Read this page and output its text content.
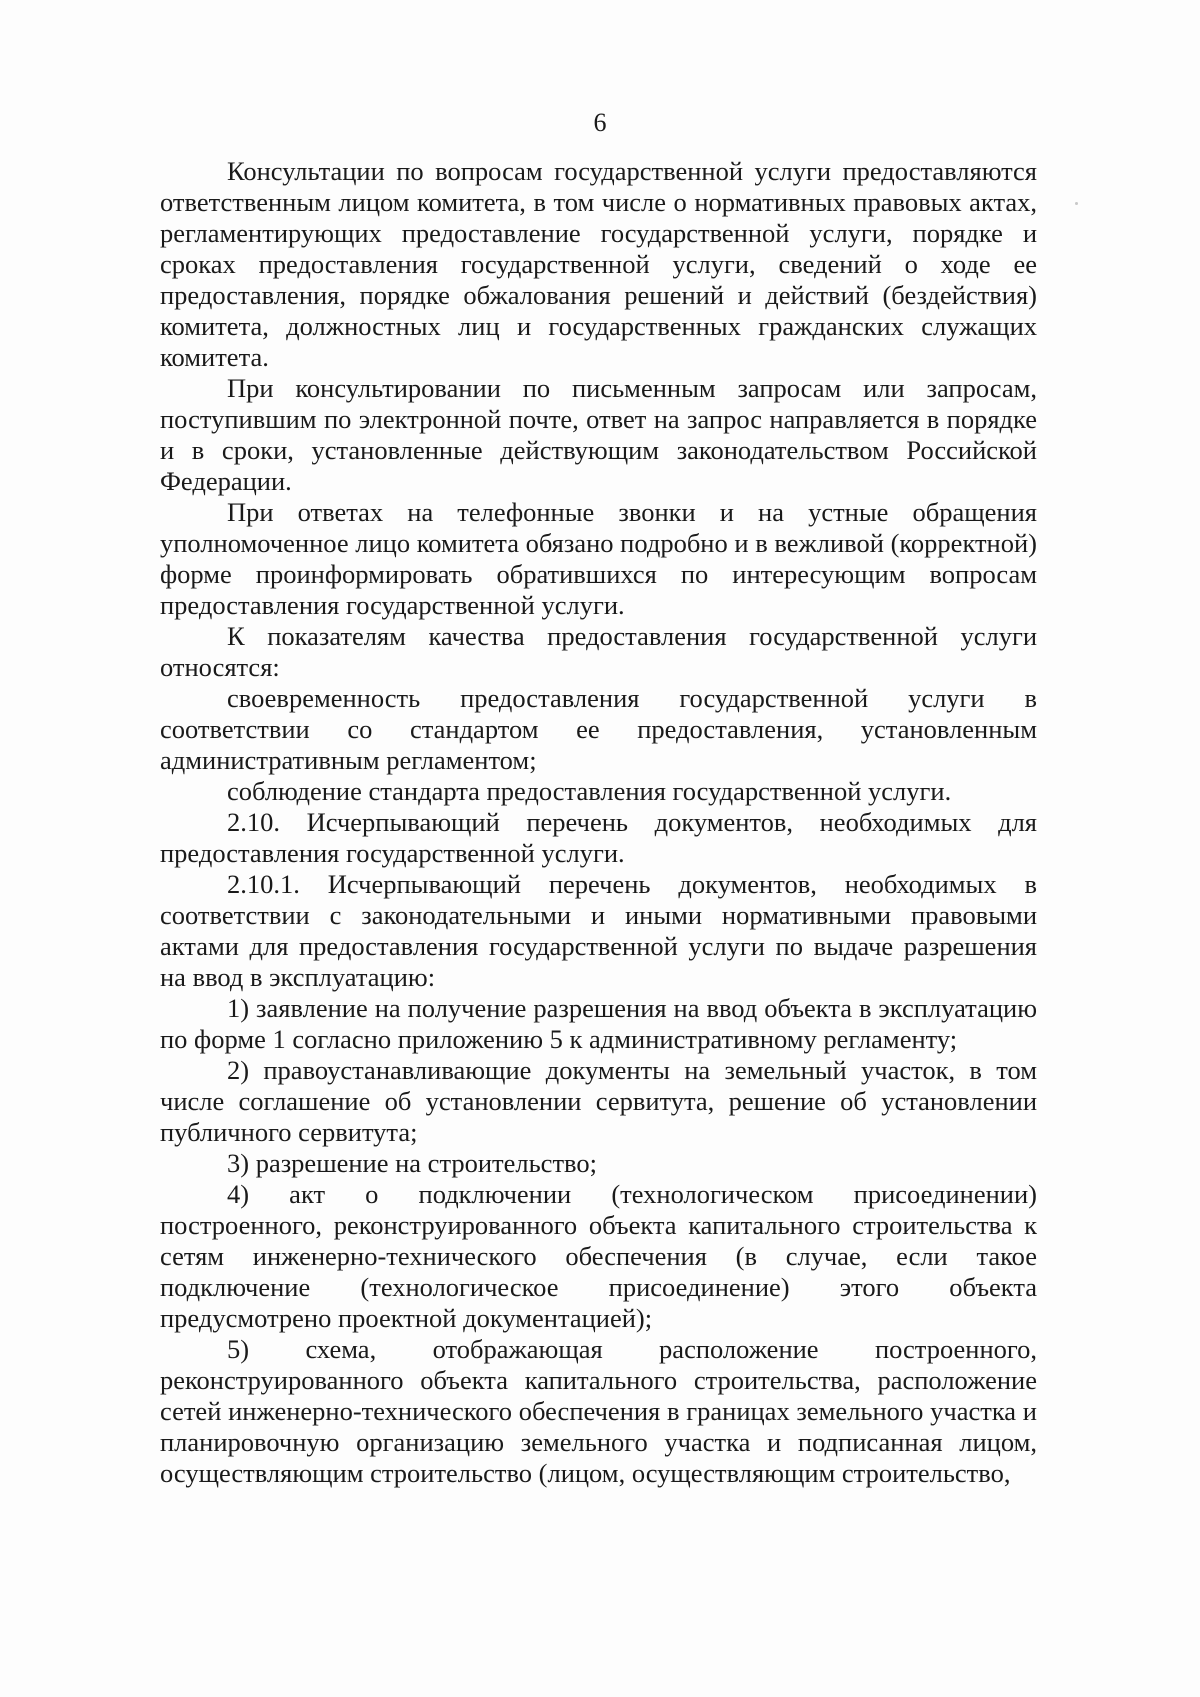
6

Консультации по вопросам государственной услуги предоставляются ответственным лицом комитета, в том числе о нормативных правовых актах, регламентирующих предоставление государственной услуги, порядке и сроках предоставления государственной услуги, сведений о ходе ее предоставления, порядке обжалования решений и действий (бездействия) комитета, должностных лиц и государственных гражданских служащих комитета.

При консультировании по письменным запросам или запросам, поступившим по электронной почте, ответ на запрос направляется в порядке и в сроки, установленные действующим законодательством Российской Федерации.

При ответах на телефонные звонки и на устные обращения уполномоченное лицо комитета обязано подробно и в вежливой (корректной) форме проинформировать обратившихся по интересующим вопросам предоставления государственной услуги.

К показателям качества предоставления государственной услуги относятся:

своевременность предоставления государственной услуги в соответствии со стандартом ее предоставления, установленным административным регламентом;

соблюдение стандарта предоставления государственной услуги.

2.10. Исчерпывающий перечень документов, необходимых для предоставления государственной услуги.

2.10.1. Исчерпывающий перечень документов, необходимых в соответствии с законодательными и иными нормативными правовыми актами для предоставления государственной услуги по выдаче разрешения на ввод в эксплуатацию:

1) заявление на получение разрешения на ввод объекта в эксплуатацию по форме 1 согласно приложению 5 к административному регламенту;

2) правоустанавливающие документы на земельный участок, в том числе соглашение об установлении сервитута, решение об установлении публичного сервитута;

3) разрешение на строительство;

4) акт о подключении (технологическом присоединении) построенного, реконструированного объекта капитального строительства к сетям инженерно-технического обеспечения (в случае, если такое подключение (технологическое присоединение) этого объекта предусмотрено проектной документацией);

5) схема, отображающая расположение построенного, реконструированного объекта капитального строительства, расположение сетей инженерно-технического обеспечения в границах земельного участка и планировочную организацию земельного участка и подписанная лицом, осуществляющим строительство (лицом, осуществляющим строительство,
